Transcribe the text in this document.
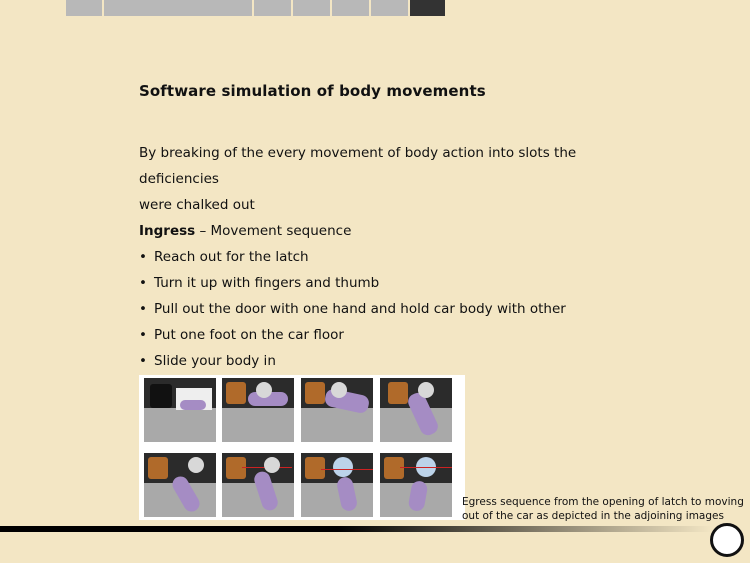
Software simulation of body movements

By breaking of the every movement of body action into slots the deficiencies

were chalked out

Ingress – Movement sequence

• Reach out for the latch
• Turn it up with fingers and thumb
• Pull out the door with one hand and hold car body with other
• Put one foot on the car floor
• Slide your body in
Egress sequence from the opening of latch to moving out of the car as depicted in the adjoining images
